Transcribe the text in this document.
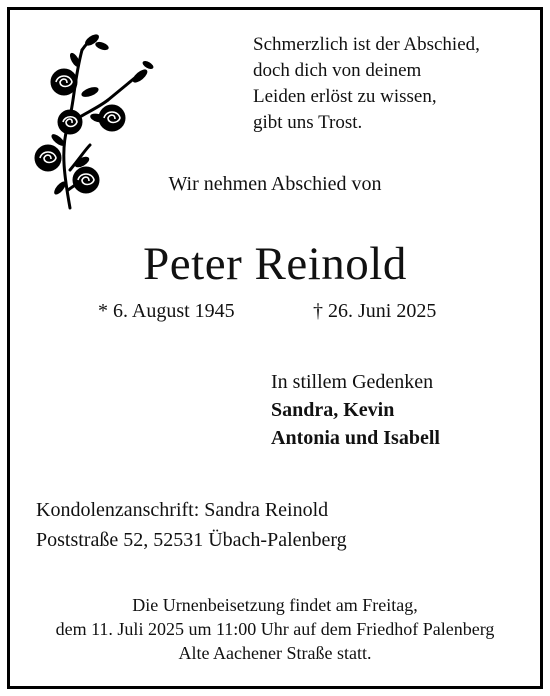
Schmerzlich ist der Abschied,
doch dich von deinem
Leiden erlöst zu wissen,
gibt uns Trost.
Wir nehmen Abschied von
Peter Reinold
* 6. August 1945	† 26. Juni 2025
In stillem Gedenken
Sandra, Kevin
Antonia und Isabell
Kondolenzanschrift: Sandra Reinold
Poststraße 52, 52531 Übach-Palenberg
Die Urnenbeisetzung findet am Freitag,
dem 11. Juli 2025 um 11:00 Uhr auf dem Friedhof Palenberg
Alte Aachener Straße statt.
